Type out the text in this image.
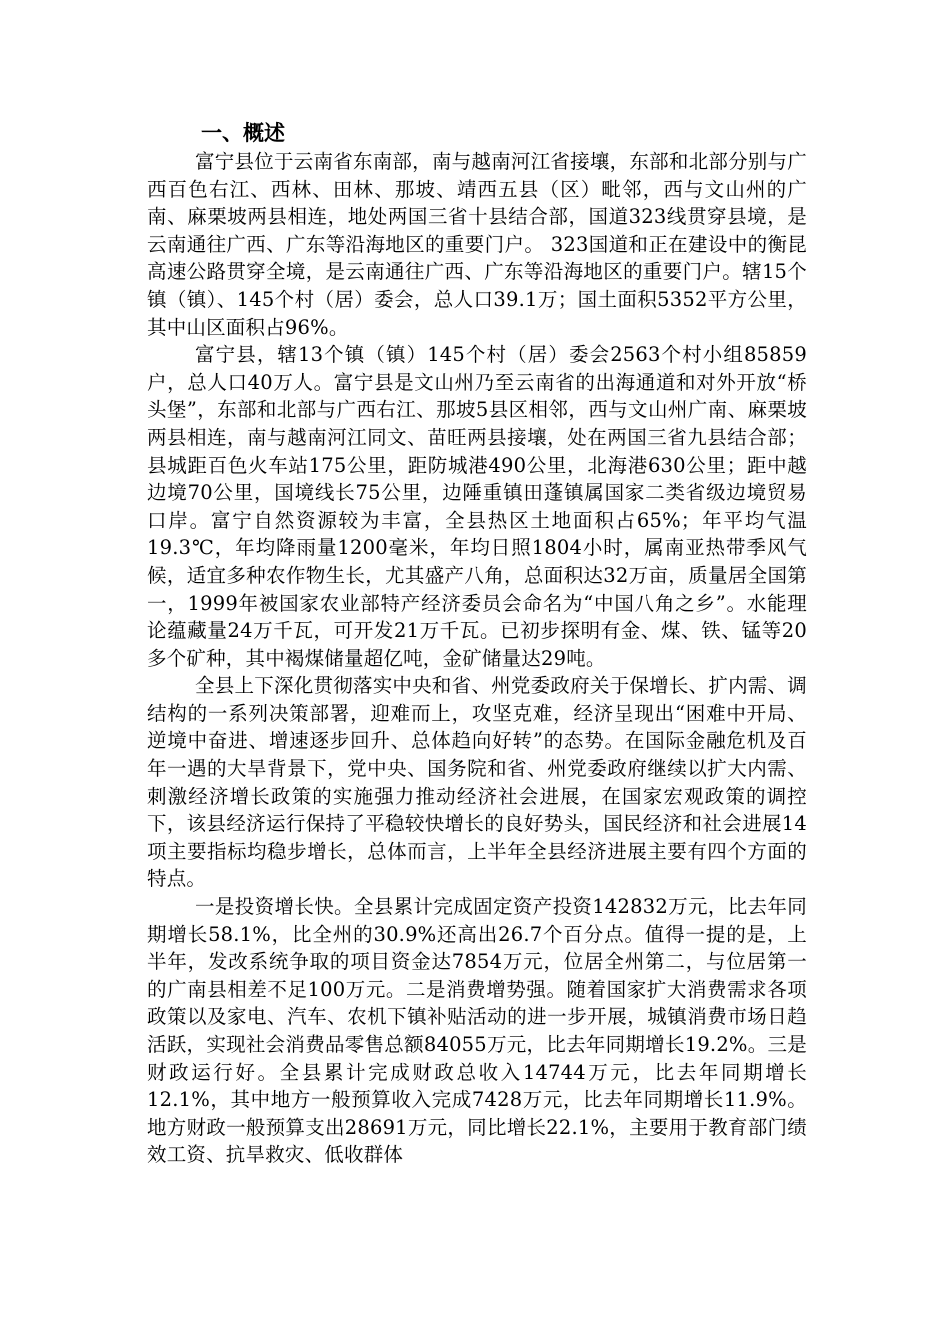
一、概述

富宁县位于云南省东南部，南与越南河江省接壤，东部和北部分别与广西百色右江、西林、田林、那坡、靖西五县（区）毗邻，西与文山州的广南、麻栗坡两县相连，地处两国三省十县结合部，国道323线贯穿县境，是云南通往广西、广东等沿海地区的重要门户。 323国道和正在建设中的衡昆高速公路贯穿全境，是云南通往广西、广东等沿海地区的重要门户。辖15个镇（镇）、145个村（居）委会，总人口39.1万；国土面积5352平方公里，其中山区面积占96%。

富宁县，辖13个镇（镇）145个村（居）委会2563个村小组85859户，总人口40万人。富宁县是文山州乃至云南省的出海通道和对外开放“桥头堡”，东部和北部与广西右江、那坡5县区相邻，西与文山州广南、麻栗坡两县相连，南与越南河江同文、苗旺两县接壤，处在两国三省九县结合部；县城距百色火车站175公里，距防城港490公里，北海港630公里；距中越边境70公里，国境线长75公里，边陲重镇田蓬镇属国家二类省级边境贸易口岸。富宁自然资源较为丰富，全县热区土地面积占65%；年平均气温19.3℃，年均降雨量1200毫米，年均日照1804小时，属南亚热带季风气候，适宜多种农作物生长，尤其盛产八角，总面积达32万亩，质量居全国第一，1999年被国家农业部特产经济委员会命名为“中国八角之乡”。水能理论蕴藏量24万千瓦，可开发21万千瓦。已初步探明有金、煤、铁、锰等20多个矿种，其中褐煤储量超亿吨，金矿储量达29吨。

全县上下深化贯彻落实中央和省、州党委政府关于保增长、扩内需、调结构的一系列决策部署，迎难而上，攻坚克难，经济呈现出“困难中开局、逆境中奋进、增速逐步回升、总体趋向好转”的态势。在国际金融危机及百年一遇的大旱背景下，党中央、国务院和省、州党委政府继续以扩大内需、刺激经济增长政策的实施强力推动经济社会进展，在国家宏观政策的调控下，该县经济运行保持了平稳较快增长的良好势头，国民经济和社会进展14项主要指标均稳步增长，总体而言，上半年全县经济进展主要有四个方面的特点。

一是投资增长快。全县累计完成固定资产投资142832万元，比去年同期增长58.1%，比全州的30.9%还高出26.7个百分点。值得一提的是，上半年，发改系统争取的项目资金达7854万元，位居全州第二，与位居第一的广南县相差不足100万元。二是消费增势强。随着国家扩大消费需求各项政策以及家电、汽车、农机下镇补贴活动的进一步开展，城镇消费市场日趋活跃，实现社会消费品零售总额84055万元，比去年同期增长19.2%。三是财政运行好。全县累计完成财政总收入14744万元，比去年同期增长12.1%，其中地方一般预算收入完成7428万元，比去年同期增长11.9%。地方财政一般预算支出28691万元，同比增长22.1%，主要用于教育部门绩效工资、抗旱救灾、低收群体
